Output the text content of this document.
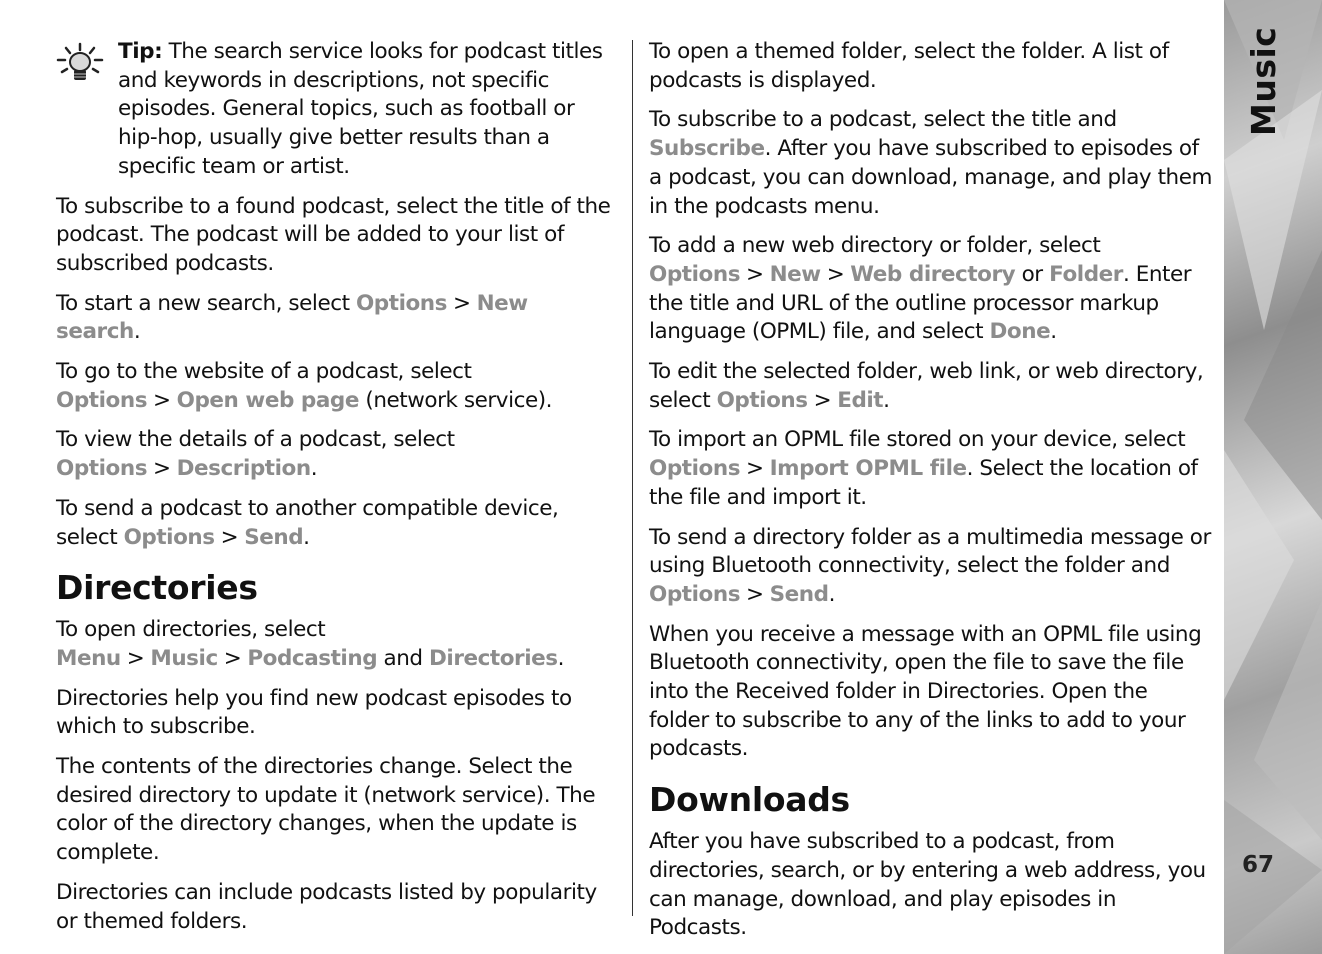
Tip: The search service looks for podcast titles and keywords in descriptions, not specific episodes. General topics, such as football or hip-hop, usually give better results than a specific team or artist.

To subscribe to a found podcast, select the title of the podcast. The podcast will be added to your list of subscribed podcasts.

To start a new search, select Options > New search.

To go to the website of a podcast, select Options > Open web page (network service).

To view the details of a podcast, select Options > Description.

To send a podcast to another compatible device, select Options > Send.

Directories

To open directories, select Menu > Music > Podcasting and Directories.

Directories help you find new podcast episodes to which to subscribe.

The contents of the directories change. Select the desired directory to update it (network service). The color of the directory changes, when the update is complete.

Directories can include podcasts listed by popularity or themed folders.

To open a themed folder, select the folder. A list of podcasts is displayed.

To subscribe to a podcast, select the title and Subscribe. After you have subscribed to episodes of a podcast, you can download, manage, and play them in the podcasts menu.

To add a new web directory or folder, select Options > New > Web directory or Folder. Enter the title and URL of the outline processor markup language (OPML) file, and select Done.

To edit the selected folder, web link, or web directory, select Options > Edit.

To import an OPML file stored on your device, select Options > Import OPML file. Select the location of the file and import it.

To send a directory folder as a multimedia message or using Bluetooth connectivity, select the folder and Options > Send.

When you receive a message with an OPML file using Bluetooth connectivity, open the file to save the file into the Received folder in Directories. Open the folder to subscribe to any of the links to add to your podcasts.

Downloads

After you have subscribed to a podcast, from directories, search, or by entering a web address, you can manage, download, and play episodes in Podcasts.

Music
67
